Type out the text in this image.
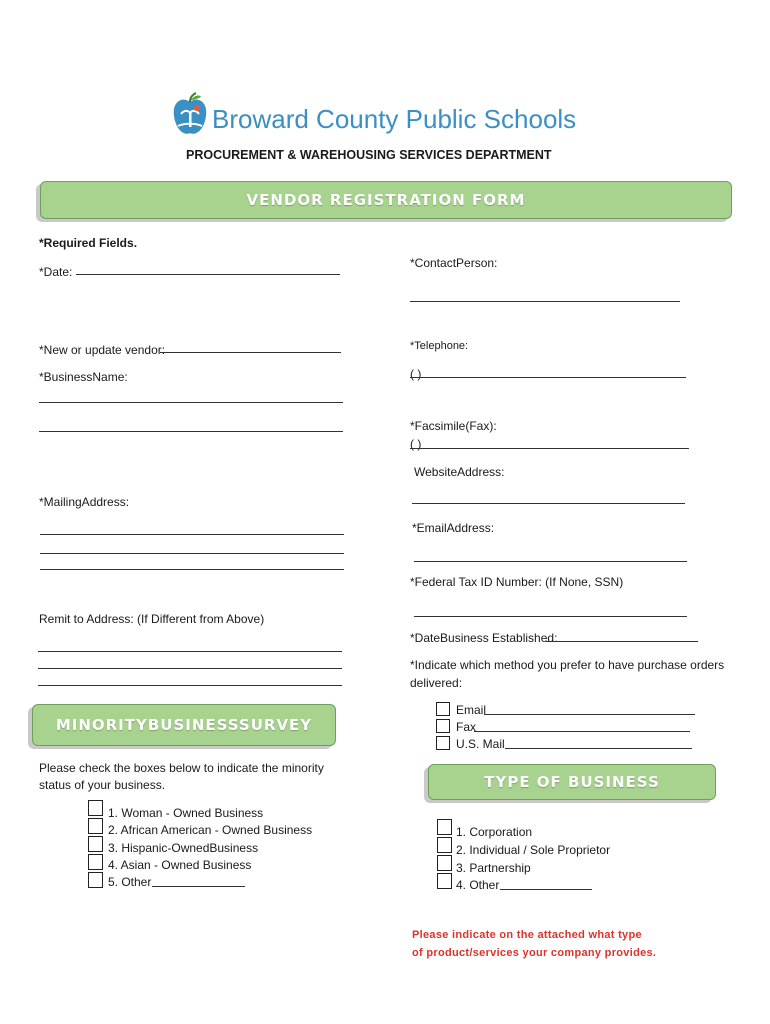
Broward County Public Schools
PROCUREMENT & WAREHOUSING SERVICES DEPARTMENT
VENDOR REGISTRATION FORM
*Required Fields.
*Date:
*New or update vendor:
*BusinessName:
*MailingAddress:
Remit to Address: (If Different from Above)
*ContactPerson:
*Telephone:
( )
*Facsimile(Fax):
( )
WebsiteAddress:
*EmailAddress:
*Federal Tax ID Number: (If None, SSN)
*DateBusiness Established:
*Indicate which method you prefer to have purchase orders
delivered:
Email
Fax
U.S. Mail
MINORITYBUSINESSSURVEY
Please check the boxes below to indicate the minority
status of your business.
1. Woman - Owned Business
2. African American - Owned Business
3. Hispanic-OwnedBusiness
4. Asian - Owned Business
5. Other
TYPE OF BUSINESS
1. Corporation
2. Individual / Sole Proprietor
3. Partnership
4. Other
Please indicate on the attached what type
of product/services your company provides.
